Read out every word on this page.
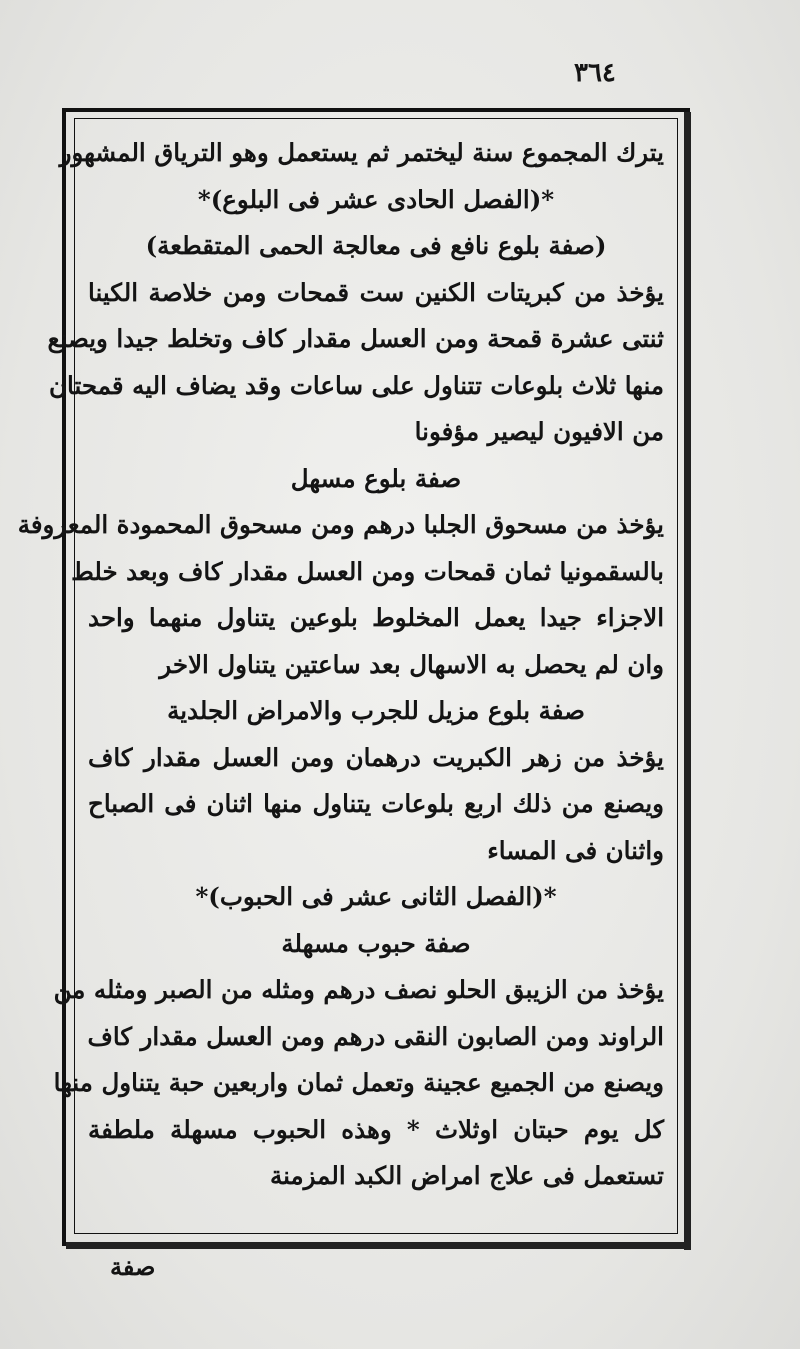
٣٦٤
يترك المجموع سنة ليختمر ثم يستعمل وهو الترياق المشهور
*(الفصل الحادى عشر فى البلوع)*
(صفة بلوع نافع فى معالجة الحمى المتقطعة)
يؤخذ من كبريتات الكنين ست قمحات ومن خلاصة الكينا
ثنتى عشرة قمحة ومن العسل مقدار كاف وتخلط جيدا ويصنع
منها ثلاث بلوعات تتناول على ساعات وقد يضاف اليه قمحتان
من الافيون ليصير مؤفونا
صفة بلوع مسهل
يؤخذ من مسحوق الجلبا درهم ومن مسحوق المحمودة المعروفة
بالسقمونيا ثمان قمحات ومن العسل مقدار كاف وبعد خلط
الاجزاء جيدا يعمل المخلوط بلوعين يتناول منهما واحد
وان لم يحصل به الاسهال بعد ساعتين يتناول الاخر
صفة بلوع مزيل للجرب والامراض الجلدية
يؤخذ من زهر الكبريت درهمان ومن العسل مقدار كاف
ويصنع من ذلك اربع بلوعات يتناول منها اثنان فى الصباح
واثنان فى المساء
*(الفصل الثانى عشر فى الحبوب)*
صفة حبوب مسهلة
يؤخذ من الزيبق الحلو نصف درهم ومثله من الصبر ومثله من
الراوند ومن الصابون النقى درهم ومن العسل مقدار كاف
ويصنع من الجميع عجينة وتعمل ثمان واربعين حبة يتناول منها
كل يوم حبتان اوثلاث * وهذه الحبوب مسهلة ملطفة
تستعمل فى علاج امراض الكبد المزمنة
صفة
